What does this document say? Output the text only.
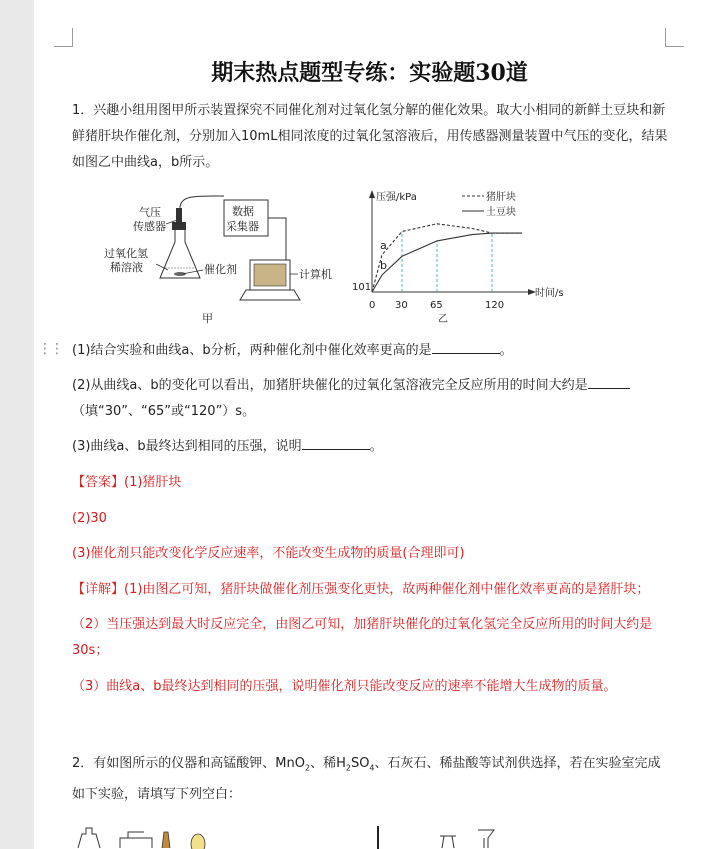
期末热点题型专练：实验题30道
1．兴趣小组用图甲所示装置探究不同催化剂对过氧化氢分解的催化效果。取大小相同的新鲜土豆块和新鲜猪肝块作催化剂，分别加入10mL相同浓度的过氧化氢溶液后，用传感器测量装置中气压的变化，结果如图乙中曲线a，b所示。
气压
传感器
过氧化氢
稀溶液	催化剂
数据
采集器
计算机
甲
压强/kPa
时间/s
101
猪肝块
土豆块
乙
0 30 65	120
a
b
⋮⋮ (1)结合实验和曲线a、b分析，两种催化剂中催化效率更高的是	。
(2)从曲线a、b的变化可以看出，加猪肝块催化的过氧化氢溶液完全反应所用的时间大约是（填“30”、“65”或“120”）s。
(3)曲线a、b最终达到相同的压强，说明	。
【答案】(1)猪肝块
(2)30
(3)催化剂只能改变化学反应速率，不能改变生成物的质量(合理即可)
【详解】(1)由图乙可知，猪肝块做催化剂压强变化更快，故两种催化剂中催化效率更高的是猪肝块；
（2）当压强达到最大时反应完全，由图乙可知，加猪肝块催化的过氧化氢完全反应所用的时间大约是30s；
（3）曲线a、b最终达到相同的压强，说明催化剂只能改变反应的速率不能增大生成物的质量。
2．有如图所示的仪器和高锰酸钾、MnO$_2$、稀$H_2SO_4$、石灰石、稀盐酸等试剂供选择，若在实验室完成如下实验，请填写下列空白：
